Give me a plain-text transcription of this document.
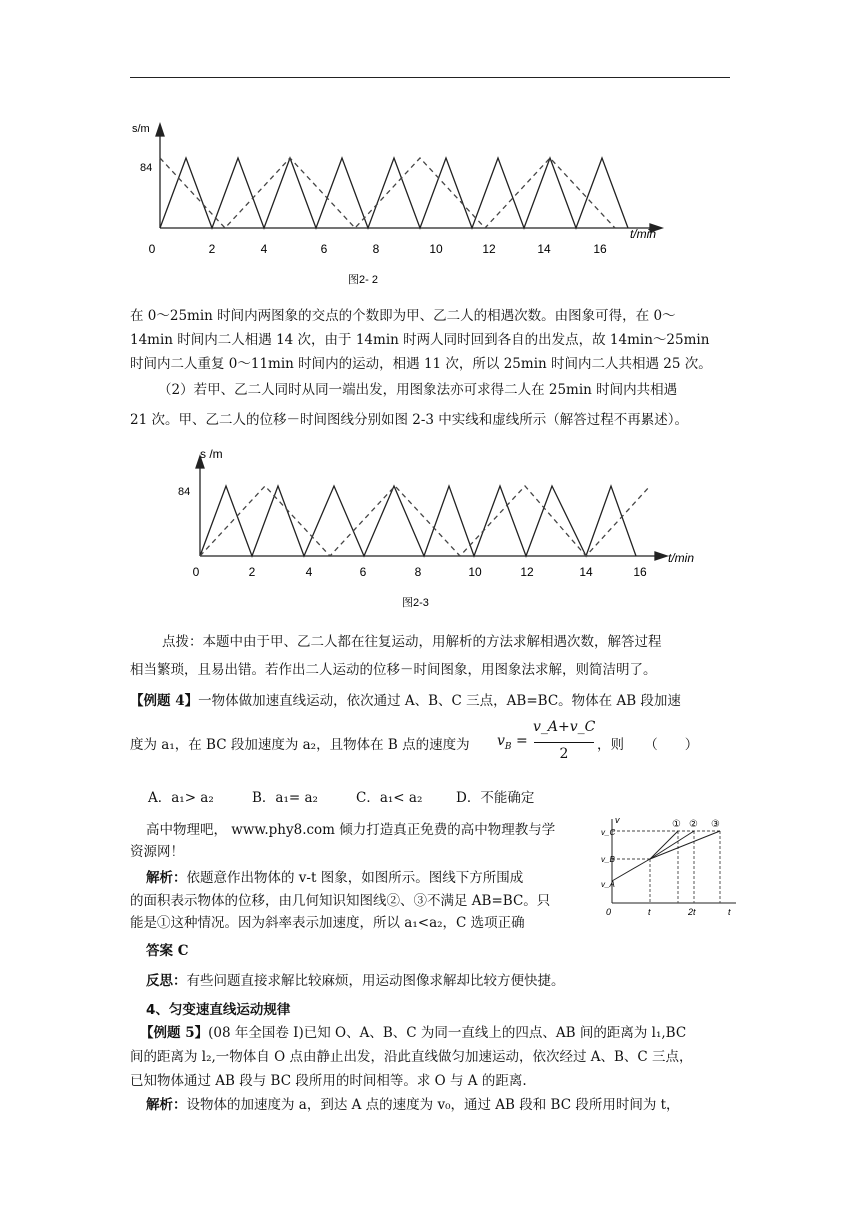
s/m
84
t/min
0	2	4	6	8	10	12	14	16
图2- 2
在 0～25min 时间内两图象的交点的个数即为甲、乙二人的相遇次数。由图象可得，在 0～
14min 时间内二人相遇 14 次，由于 14min 时两人同时回到各自的出发点，故 14min～25min
时间内二人重复 0～11min 时间内的运动，相遇 11 次，所以 25min 时间内二人共相遇 25 次。
（2）若甲、乙二人同时从同一端出发，用图象法亦可求得二人在 25min 时间内共相遇
21 次。甲、乙二人的位移－时间图线分别如图 2-3 中实线和虚线所示（解答过程不再累述）。
s /m
84
t/min
0	2	4	6	8	10	12	14	16
图2-3
点拨：本题中由于甲、乙二人都在往复运动，用解析的方法求解相遇次数，解答过程
相当繁琐，且易出错。若作出二人运动的位移－时间图象，用图象法求解，则简洁明了。
【例题 4】一物体做加速直线运动，依次通过 A、B、C 三点，AB=BC。物体在 AB 段加速
度为 a₁，在 BC 段加速度为 a₂，且物体在 B 点的速度为 $v_B$ =
v_A+v_C
2
，则　　（　　）
A．a₁> a₂	B．a₁= a₂	C．a₁< a₂ D．不能确定
高中物理吧， www.phy8.com 倾力打造真正免费的高中物理教与学
资源网！
解析：依题意作出物体的 v-t 图象，如图所示。图线下方所围成
的面积表示物体的位移，由几何知识知图线②、③不满足 AB=BC。只
能是①这种情况。因为斜率表示加速度，所以 a₁<a₂，C 选项正确
答案 C
反思：有些问题直接求解比较麻烦，用运动图像求解却比较方便快捷。
v
v_C
v_B
v_A
0	t	2t	t
① ② ③
4、匀变速直线运动规律
【例题 5】(08 年全国卷 I)已知 O、A、B、C 为同一直线上的四点、AB 间的距离为 l₁,BC
间的距离为 l₂,一物体自 O 点由静止出发，沿此直线做匀加速运动，依次经过 A、B、C 三点，
已知物体通过 AB 段与 BC 段所用的时间相等。求 O 与 A 的距离.
解析：设物体的加速度为 a，到达 A 点的速度为 v₀，通过 AB 段和 BC 段所用时间为 t，
